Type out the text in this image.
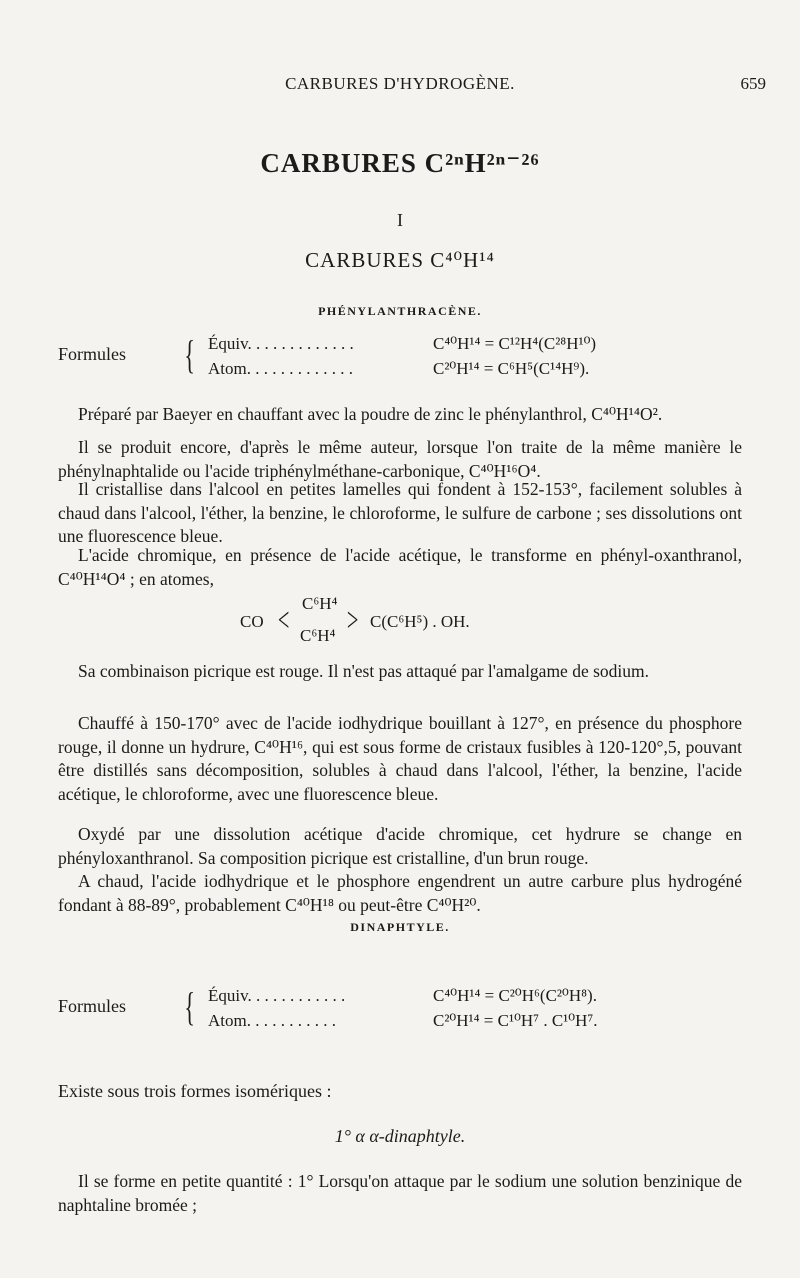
CARBURES D'HYDROGÈNE.	659
CARBURES C²ⁿH²ⁿ⁻²⁶
I
CARBURES C⁴⁰H¹⁴
PHÉNYLANTHRACÈNE.
Formules { Équiv. . . . . . . . . . . . .	C⁴⁰H¹⁴ = C¹²H⁴(C²⁸H¹⁰)
Atom. . . . . . . . . . . . .	C²⁰H¹⁴ = C⁶H⁵(C¹⁴H⁹).

Préparé par Baeyer en chauffant avec la poudre de zinc le phénylanthrol, C⁴⁰H¹⁴O².

Il se produit encore, d'après le même auteur, lorsque l'on traite de la même manière le phénylnaphtalide ou l'acide triphénylméthane-carbonique, C⁴⁰H¹⁶O⁴.

Il cristallise dans l'alcool en petites lamelles qui fondent à 152-153°, facilement solubles à chaud dans l'alcool, l'éther, la benzine, le chloroforme, le sulfure de carbone ; ses dissolutions ont une fluorescence bleue.

L'acide chromique, en présence de l'acide acétique, le transforme en phényl-oxanthranol, C⁴⁰H¹⁴O⁴ ; en atomes,

CO < C⁶H⁴
C⁶H⁴ > C(C⁶H⁵) . OH.

Sa combinaison picrique est rouge. Il n'est pas attaqué par l'amalgame de sodium.

Chauffé à 150-170° avec de l'acide iodhydrique bouillant à 127°, en présence du phosphore rouge, il donne un hydrure, C⁴⁰H¹⁶, qui est sous forme de cristaux fusibles à 120-120°,5, pouvant être distillés sans décomposition, solubles à chaud dans l'alcool, l'éther, la benzine, l'acide acétique, le chloroforme, avec une fluorescence bleue.

Oxydé par une dissolution acétique d'acide chromique, cet hydrure se change en phényloxanthranol. Sa composition picrique est cristalline, d'un brun rouge.

A chaud, l'acide iodhydrique et le phosphore engendrent un autre carbure plus hydrogéné fondant à 88-89°, probablement C⁴⁰H¹⁸ ou peut-être C⁴⁰H²⁰.

DINAPHTYLE.
Formules { Équiv. . . . . . . . . . . .	C⁴⁰H¹⁴ = C²⁰H⁶(C²⁰H⁸).
Atom. . . . . . . . . . .	C²⁰H¹⁴ = C¹⁰H⁷ . C¹⁰H⁷.
Existe sous trois formes isomériques :
1° α α-dinaphtyle.

Il se forme en petite quantité : 1° Lorsqu'on attaque par le sodium une solution benzinique de naphtaline bromée ;
